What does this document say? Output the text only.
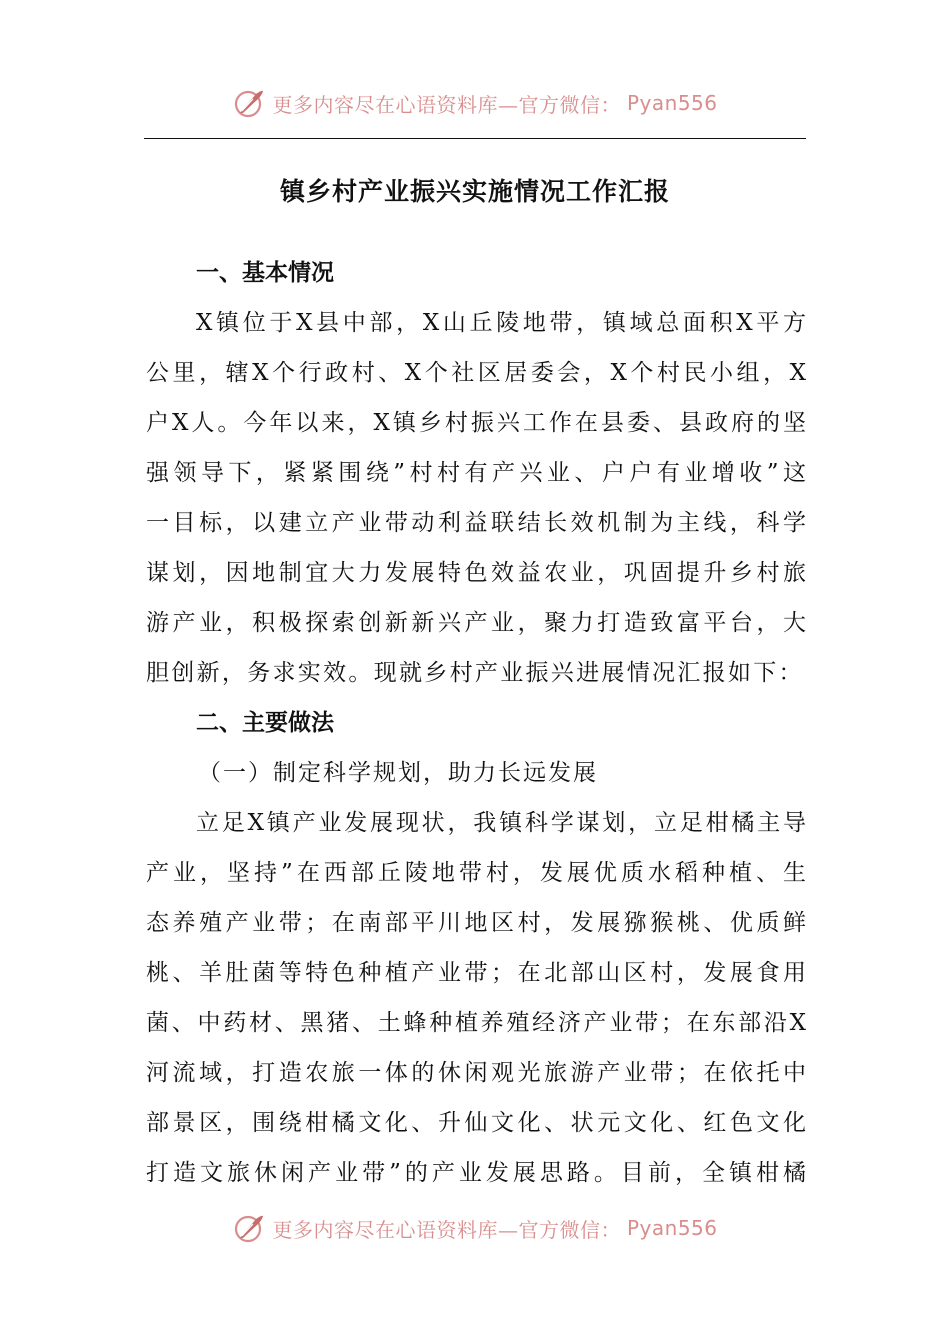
更多内容尽在心语资料库—官方微信： Pyan556
镇乡村产业振兴实施情况工作汇报
一、基本情况
X镇位于X县中部，X山丘陵地带，镇域总面积X平方
公里，辖X个行政村、X个社区居委会，X个村民小组，X
户X人。今年以来，X镇乡村振兴工作在县委、县政府的坚
强领导下，紧紧围绕”村村有产兴业、户户有业增收”这
一目标，以建立产业带动利益联结长效机制为主线，科学
谋划，因地制宜大力发展特色效益农业，巩固提升乡村旅
游产业，积极探索创新新兴产业，聚力打造致富平台，大
胆创新，务求实效。现就乡村产业振兴进展情况汇报如下：
二、主要做法
（一）制定科学规划，助力长远发展
立足X镇产业发展现状，我镇科学谋划，立足柑橘主导
产业，坚持”在西部丘陵地带村，发展优质水稻种植、生
态养殖产业带；在南部平川地区村，发展猕猴桃、优质鲜
桃、羊肚菌等特色种植产业带；在北部山区村，发展食用
菌、中药材、黑猪、土蜂种植养殖经济产业带；在东部沿X
河流域，打造农旅一体的休闲观光旅游产业带；在依托中
部景区，围绕柑橘文化、升仙文化、状元文化、红色文化
打造文旅休闲产业带”的产业发展思路。目前，全镇柑橘
更多内容尽在心语资料库—官方微信： Pyan556
